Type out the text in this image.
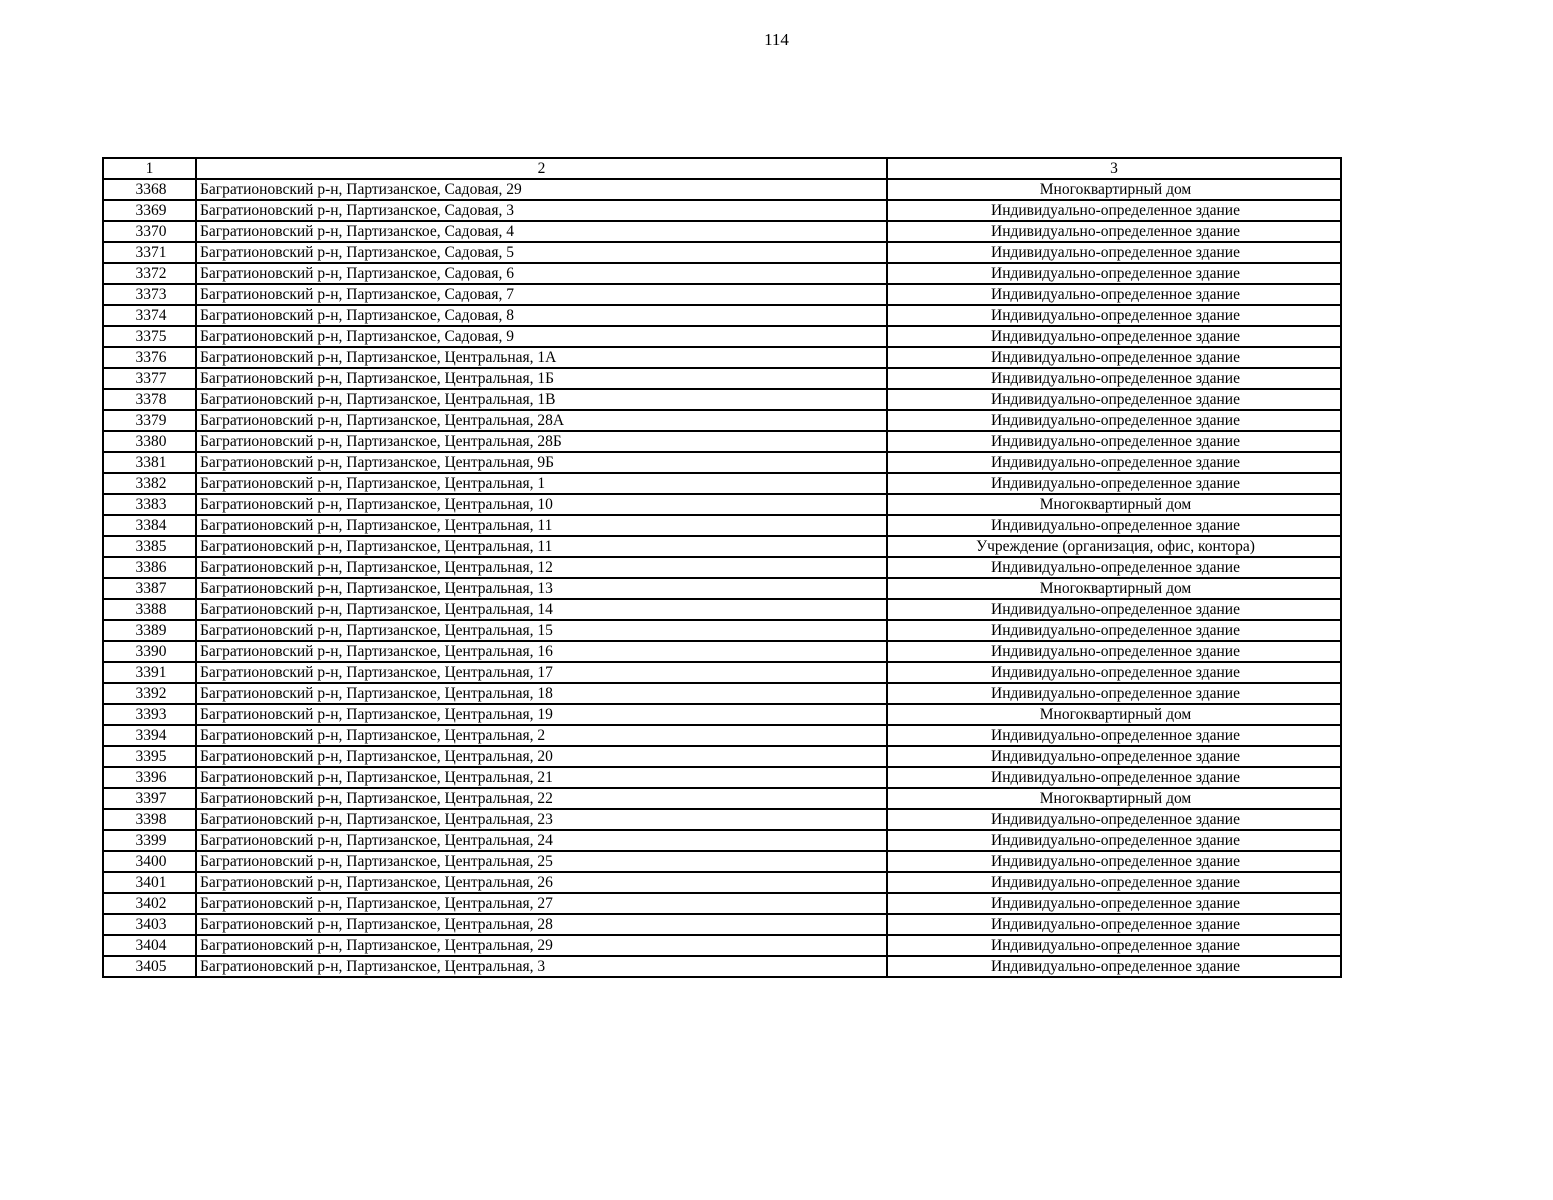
114
1	2	3
3368	Багратионовский р-н, Партизанское, Садовая, 29	Многоквартирный дом
3369	Багратионовский р-н, Партизанское, Садовая, 3	Индивидуально-определенное здание
3370	Багратионовский р-н, Партизанское, Садовая, 4	Индивидуально-определенное здание
3371	Багратионовский р-н, Партизанское, Садовая, 5	Индивидуально-определенное здание
3372	Багратионовский р-н, Партизанское, Садовая, 6	Индивидуально-определенное здание
3373	Багратионовский р-н, Партизанское, Садовая, 7	Индивидуально-определенное здание
3374	Багратионовский р-н, Партизанское, Садовая, 8	Индивидуально-определенное здание
3375	Багратионовский р-н, Партизанское, Садовая, 9	Индивидуально-определенное здание
3376	Багратионовский р-н, Партизанское, Центральная, 1А	Индивидуально-определенное здание
3377	Багратионовский р-н, Партизанское, Центральная, 1Б	Индивидуально-определенное здание
3378	Багратионовский р-н, Партизанское, Центральная, 1В	Индивидуально-определенное здание
3379	Багратионовский р-н, Партизанское, Центральная, 28А	Индивидуально-определенное здание
3380	Багратионовский р-н, Партизанское, Центральная, 28Б	Индивидуально-определенное здание
3381	Багратионовский р-н, Партизанское, Центральная, 9Б	Индивидуально-определенное здание
3382	Багратионовский р-н, Партизанское, Центральная, 1	Индивидуально-определенное здание
3383	Багратионовский р-н, Партизанское, Центральная, 10	Многоквартирный дом
3384	Багратионовский р-н, Партизанское, Центральная, 11	Индивидуально-определенное здание
3385	Багратионовский р-н, Партизанское, Центральная, 11	Учреждение (организация, офис, контора)
3386	Багратионовский р-н, Партизанское, Центральная, 12	Индивидуально-определенное здание
3387	Багратионовский р-н, Партизанское, Центральная, 13	Многоквартирный дом
3388	Багратионовский р-н, Партизанское, Центральная, 14	Индивидуально-определенное здание
3389	Багратионовский р-н, Партизанское, Центральная, 15	Индивидуально-определенное здание
3390	Багратионовский р-н, Партизанское, Центральная, 16	Индивидуально-определенное здание
3391	Багратионовский р-н, Партизанское, Центральная, 17	Индивидуально-определенное здание
3392	Багратионовский р-н, Партизанское, Центральная, 18	Индивидуально-определенное здание
3393	Багратионовский р-н, Партизанское, Центральная, 19	Многоквартирный дом
3394	Багратионовский р-н, Партизанское, Центральная, 2	Индивидуально-определенное здание
3395	Багратионовский р-н, Партизанское, Центральная, 20	Индивидуально-определенное здание
3396	Багратионовский р-н, Партизанское, Центральная, 21	Индивидуально-определенное здание
3397	Багратионовский р-н, Партизанское, Центральная, 22	Многоквартирный дом
3398	Багратионовский р-н, Партизанское, Центральная, 23	Индивидуально-определенное здание
3399	Багратионовский р-н, Партизанское, Центральная, 24	Индивидуально-определенное здание
3400	Багратионовский р-н, Партизанское, Центральная, 25	Индивидуально-определенное здание
3401	Багратионовский р-н, Партизанское, Центральная, 26	Индивидуально-определенное здание
3402	Багратионовский р-н, Партизанское, Центральная, 27	Индивидуально-определенное здание
3403	Багратионовский р-н, Партизанское, Центральная, 28	Индивидуально-определенное здание
3404	Багратионовский р-н, Партизанское, Центральная, 29	Индивидуально-определенное здание
3405	Багратионовский р-н, Партизанское, Центральная, 3	Индивидуально-определенное здание
